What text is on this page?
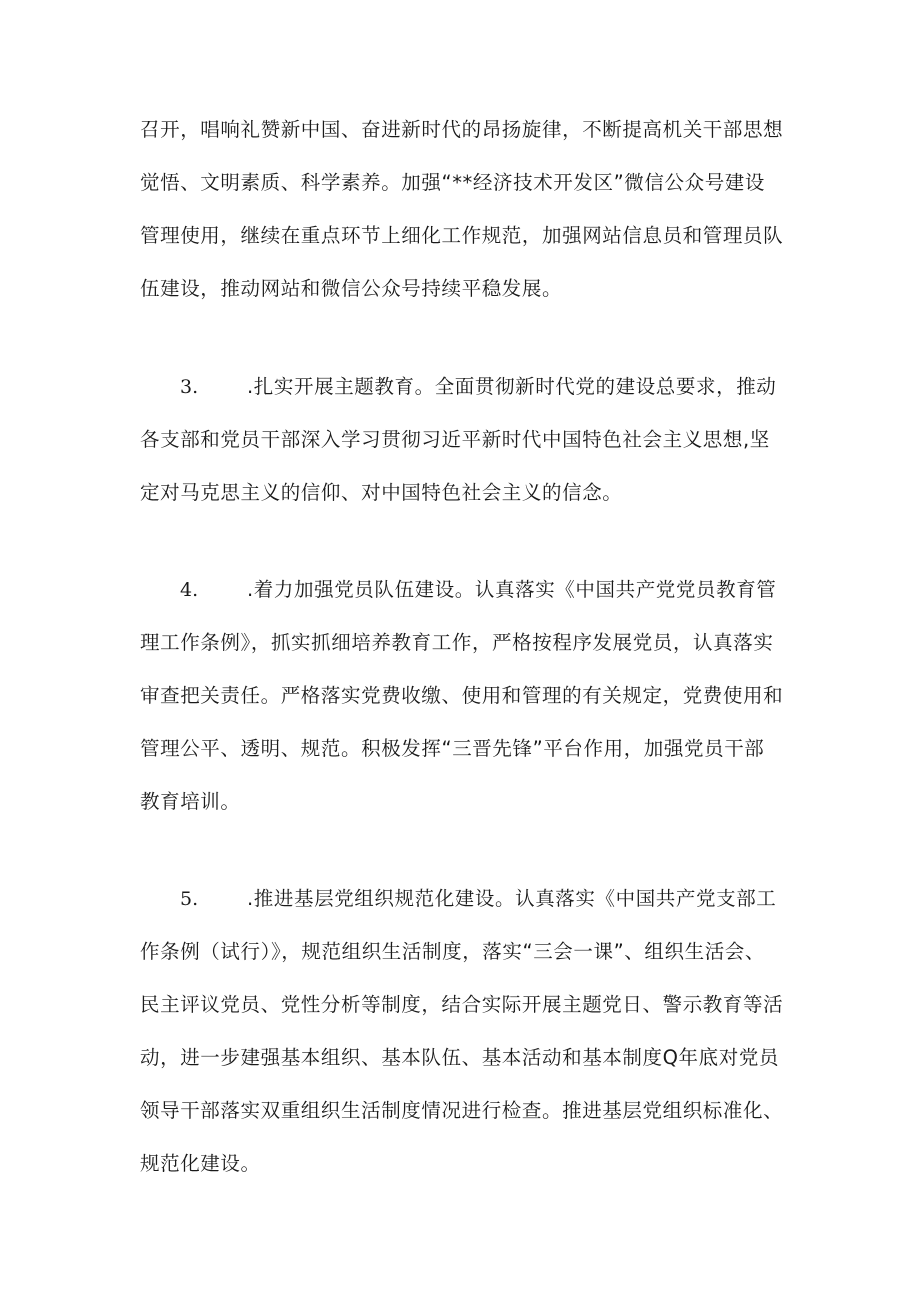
召开，唱响礼赞新中国、奋进新时代的昂扬旋律，不断提高机关干部思想
觉悟、文明素质、科学素养。加强“**经济技术开发区”微信公众号建设
管理使用，继续在重点环节上细化工作规范，加强网站信息员和管理员队
伍建设，推动网站和微信公众号持续平稳发展。
3.	.扎实开展主题教育。全面贯彻新时代党的建设总要求，推动
各支部和党员干部深入学习贯彻习近平新时代中国特色社会主义思想,坚
定对马克思主义的信仰、对中国特色社会主义的信念。
4.	.着力加强党员队伍建设。认真落实《中国共产党党员教育管
理工作条例》，抓实抓细培养教育工作，严格按程序发展党员，认真落实
审查把关责任。严格落实党费收缴、使用和管理的有关规定，党费使用和
管理公平、透明、规范。积极发挥“三晋先锋”平台作用，加强党员干部
教育培训。
5.	.推进基层党组织规范化建设。认真落实《中国共产党支部工
作条例（试行）》，规范组织生活制度，落实“三会一课”、组织生活会、
民主评议党员、党性分析等制度，结合实际开展主题党日、警示教育等活
动，进一步建强基本组织、基本队伍、基本活动和基本制度Q年底对党员
领导干部落实双重组织生活制度情况进行检查。推进基层党组织标准化、
规范化建设。
